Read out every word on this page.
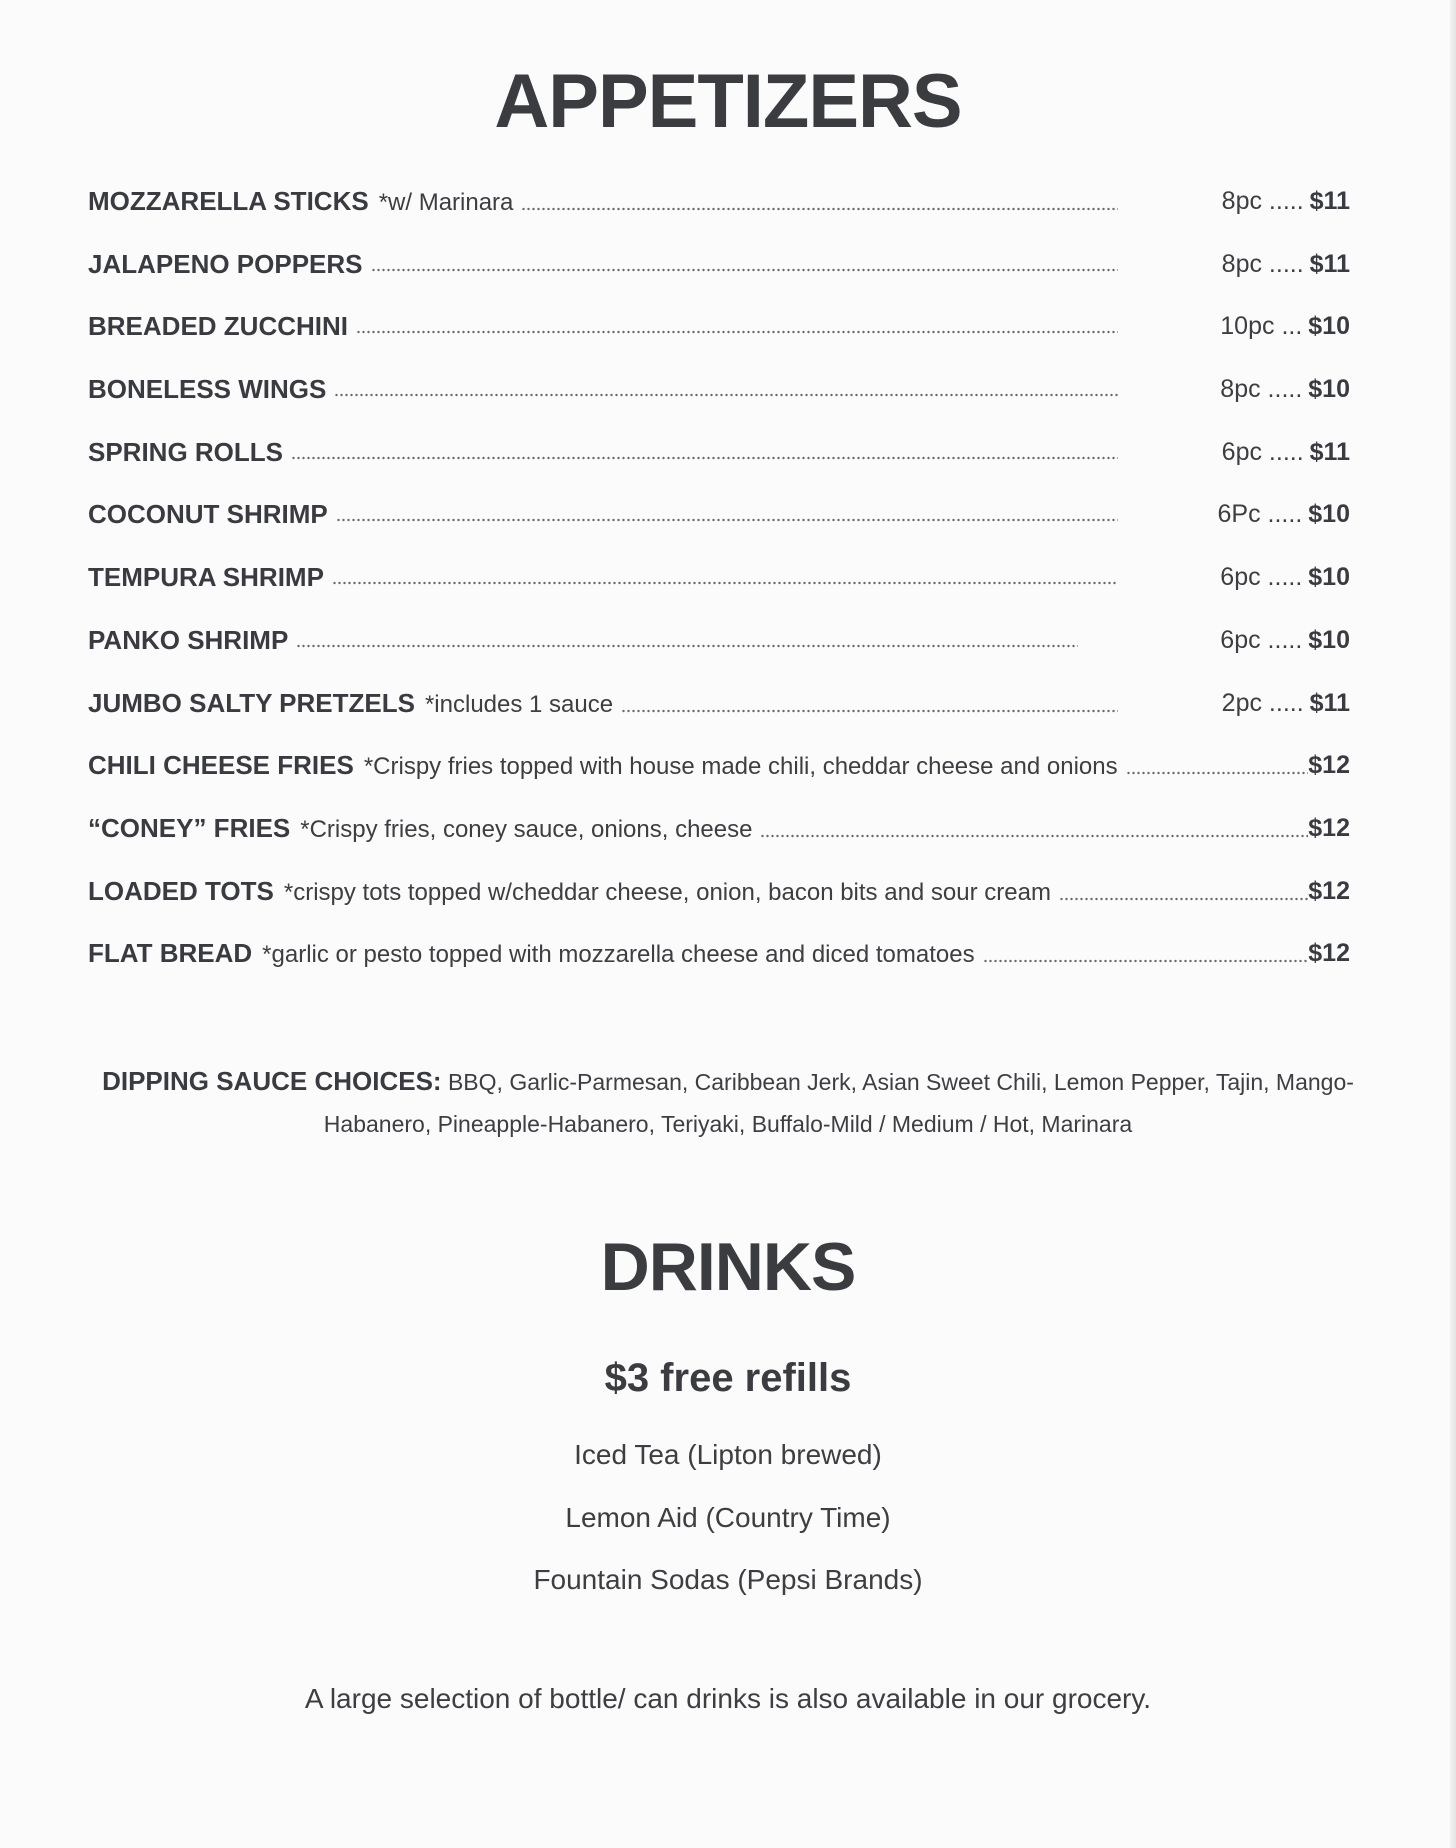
APPETIZERS
MOZZARELLA STICKS *w/ Marinara	8pc ..... $11
JALAPENO POPPERS	8pc ..... $11
BREADED ZUCCHINI	10pc ... $10
BONELESS WINGS	8pc ..... $10
SPRING ROLLS	6pc ..... $11
COCONUT SHRIMP	6Pc ..... $10
TEMPURA SHRIMP	6pc ..... $10
PANKO SHRIMP	6pc ..... $10
JUMBO SALTY PRETZELS *includes 1 sauce	2pc ..... $11
CHILI CHEESE FRIES *Crispy fries topped with house made chili, cheddar cheese and onions	$12
“CONEY” FRIES *Crispy fries, coney sauce, onions, cheese	$12
LOADED TOTS *crispy tots topped w/cheddar cheese, onion, bacon bits and sour cream	$12
FLAT BREAD *garlic or pesto topped with mozzarella cheese and diced tomatoes	$12

DIPPING SAUCE CHOICES: BBQ, Garlic-Parmesan, Caribbean Jerk, Asian Sweet Chili, Lemon Pepper, Tajin, Mango-Habanero, Pineapple-Habanero, Teriyaki, Buffalo-Mild / Medium / Hot, Marinara

DRINKS
$3 free refills
Iced Tea (Lipton brewed)
Lemon Aid (Country Time)
Fountain Sodas (Pepsi Brands)

A large selection of bottle/ can drinks is also available in our grocery.
